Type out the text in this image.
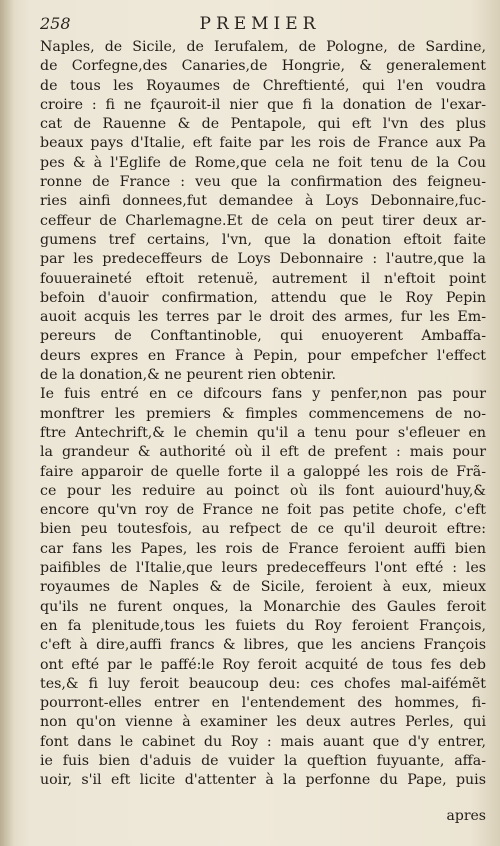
258	PREMIER
Naples, de Sicile, de Ierufalem, de Pologne, de Sardine,
de Corfegne,des Canaries,de Hongrie, & generalement
de tous les Royaumes de Chreftienté, qui l'en voudra
croire : fi ne fçauroit-il nier que fi la donation de l'exar-
cat de Rauenne & de Pentapole, qui eft l'vn des plus
beaux pays d'Italie, eft faite par les rois de France aux Pa
pes & à l'Eglife de Rome,que cela ne foit tenu de la Cou
ronne de France : veu que la confirmation des feigneu-
ries ainfi donnees,fut demandee à Loys Debonnaire,fuc-
ceffeur de Charlemagne.Et de cela on peut tirer deux ar-
gumens tref certains, l'vn, que la donation eftoit faite
par les predeceffeurs de Loys Debonnaire : l'autre,que la
fouueraineté eftoit retenuë, autrement il n'eftoit point
befoin d'auoir confirmation, attendu que le Roy Pepin
auoit acquis les terres par le droit des armes, fur les Em-
pereurs de Conftantinoble, qui enuoyerent Ambaffa-
deurs expres en France à Pepin, pour empefcher l'effect
de la donation,& ne peurent rien obtenir.
Ie fuis entré en ce difcours fans y penfer,non pas pour
monftrer les premiers & fimples commencemens de no-
ftre Antechrift,& le chemin qu'il a tenu pour s'efleuer en
la grandeur & authorité où il eft de prefent : mais pour
faire apparoir de quelle forte il a galoppé les rois de Frã-
ce pour les reduire au poinct où ils font auiourd'huy,&
encore qu'vn roy de France ne foit pas petite chofe, c'eft
bien peu toutesfois, au refpect de ce qu'il deuroit eftre:
car fans les Papes, les rois de France feroient auffi bien
paifibles de l'Italie,que leurs predeceffeurs l'ont efté : les
royaumes de Naples & de Sicile, feroient à eux, mieux
qu'ils ne furent onques, la Monarchie des Gaules feroit
en fa plenitude,tous les fuiets du Roy feroient François,
c'eft à dire,auffi francs & libres, que les anciens François
ont efté par le paffé:le Roy feroit acquité de tous fes deb
tes,& fi luy feroit beaucoup deu: ces chofes mal-aifémẽt
pourront-elles entrer en l'entendement des hommes, fi-
non qu'on vienne à examiner les deux autres Perles, qui
font dans le cabinet du Roy : mais auant que d'y entrer,
ie fuis bien d'aduis de vuider la queftion fuyuante, affa-
uoir, s'il eft licite d'attenter à la perfonne du Pape, puis
apres
